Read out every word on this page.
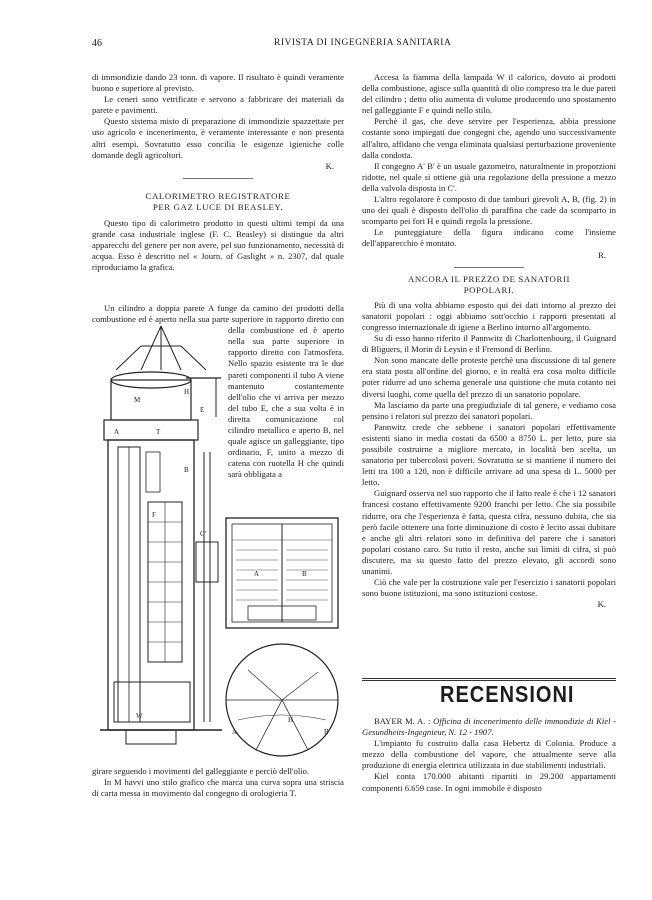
46	RIVISTA DI INGEGNERIA SANITARIA

di immondizie dando 23 tonn. di vapore. Il risultato è quindi veramente buono e superiore al previsto.

Le ceneri sono vetrificate e servono a fabbricare dei materiali da parete e pavimenti.

Questo sistema misto di preparazione di immondizie spazzettate per uso agricolo e incenerimento, è veramente interessante e non presenta altri esempi. Sovratutto esso concilia le esigenze igieniche colle domande degli agricoltori.

K.
CALORIMETRO REGISTRATORE
PER GAZ LUCE DI BEASLEY.

Questo tipo di calorimetro prodotto in questi ultimi tempi da una grande casa industriale inglese (F. C. Beasley) si distingue da altri apparecchi del genere per non avere, pel suo funzionamento, necessità di acqua. Esso è descritto nel « Journ. of Gaslight » n. 2307, dal quale riproduciamo la grafica.

Un cilindro a doppia parete A funge da camino dei prodotti della combustione ed è aperto nella sua parte superiore in rapporto diretto con

della combustione ed è aperto nella sua parte superiore in rapporto diretto con l'atmosfera. Nello spazio esistente tra le due pareti componenti il tubo A viene mantenuto costantemente dell'olio che vi arriva per mezzo del tubo E, che a sua volta è in diretta comunicazione col cilindro metallico e aperto B, nel quale agisce un galleggiante, tipo ordinario, F, unito a mezzo di catena con ruotella H che quindi sarà obbligata a

A
E
B
F
H
M
T
W
C'
A	B
A	B
H

girare seguendo i movimenti del galleggiante e perciò dell'olio.

In M havvi uno stilo grafico che marca una curva sopra una striscia di carta messa in movimento dal congegno di orologieria T.

Accesa la fiamma della lampada W il calorico, dovuto ai prodotti della combustione, agisce sulla quantità di olio compreso tra le due pareti del cilindro ; detto olio aumenta di volume producendo uno spostamento nel galleggiante F e quindi nello stilo.

Perchè il gas, che deve servire per l'esperienza, abbia pressione costante sono impiegati due congegni che, agendo uno successivamente all'altro, affidano che venga eliminata qualsiasi perturbazione proveniente dalla condotta.

Il congegno A' B' è un usuale gazometro, naturalmente in proporzioni ridotte, nel quale si ottiene già una regolazione della pressione a mezzo della valvola disposta in C'.

L'altro regolatore è composto di due tamburi girevoli A, B, (fig. 2) in uno dei quali è disposto dell'olio di paraffina che cade da scomparto in scomparto pei fori H e quindi regola la pressione.

Le punteggiature della figura indicano come l'insieme dell'apparecchio è montato.

R.
ANCORA IL PREZZO DE SANATORII
POPOLARI.

Più di una volta abbiamo esposto qui dei dati intorno al prezzo dei sanatorii popolari : oggi abbiamo sott'occhio i rapporti presentati al congresso internazionale di igiene a Berlino intorno all'argomento.

Su di esso hanno riferito il Pannwitz di Charlottenbourg, il Guignard di Bliguers, il Morin di Leysin e il Fremond di Berlino.

Non sono mancate delle proteste perchè una discussione di tal genere era stata posta all'ordine del giorno, e in realtà era cosa molto difficile poter ridurre ad uno schema generale una quistione che muta cotanto nei diversi luoghi, come quella del prezzo di un sanatorio popolare.

Ma lasciamo da parte una pregiudiziale di tal genere, e vediamo cosa pensino i relatori sul prezzo dei sanatori popolari.

Pannwitz crede che sebbene i sanatori popolari effettivamente esistenti siano in media costati da 6500 a 8750 L. per letto, pure sia possibile costruirne a migliore mercato, in località ben scelta, un sanatorio per tubercolosi poveri. Sovratutto se si mantiene il numero dei letti tra 100 a 120, non è difficile arrivare ad una spesa di L. 5000 per letto.

Guignard osserva nel suo rapporto che il fatto reale è che i 12 sanatori francesi costano effettivamente 9200 franchi per letto. Che sia possibile ridurre, ora che l'esperienza è fatta, questa cifra, nessuno dubita, che sia però facile ottenere una forte diminuzione di costo è lecito assai dubitare e anche gli altri relatori sono in definitiva del parere che i sanatori popolari costano caro. Su tutto il resto, anche sui limiti di cifra, si può discutere, ma su questo fatto del prezzo elevato, gli accordi sono unanimi.

Ciò che vale per la costruzione vale per l'esercizio i sanatorii popolari sono buone istituzioni, ma sono istituzioni costose.

K.
RECENSIONI

BAYER M. A. : Officina di incenerimento delle immondizie di Kiel - Gesundheits-Ingegnieur, N. 12 - 1907.

L'impianto fu costruito dalla casa Hebertz di Colonia. Produce a mezzo della combustione del vapore, che attualmente serve alla produzione di energia elettrica utilizzata in due stabilimenti industriali.

Kiel conta 170.000 abitanti ripartiti in 29.200 appartamenti componenti 6.659 case. In ogni immobile è disposto
